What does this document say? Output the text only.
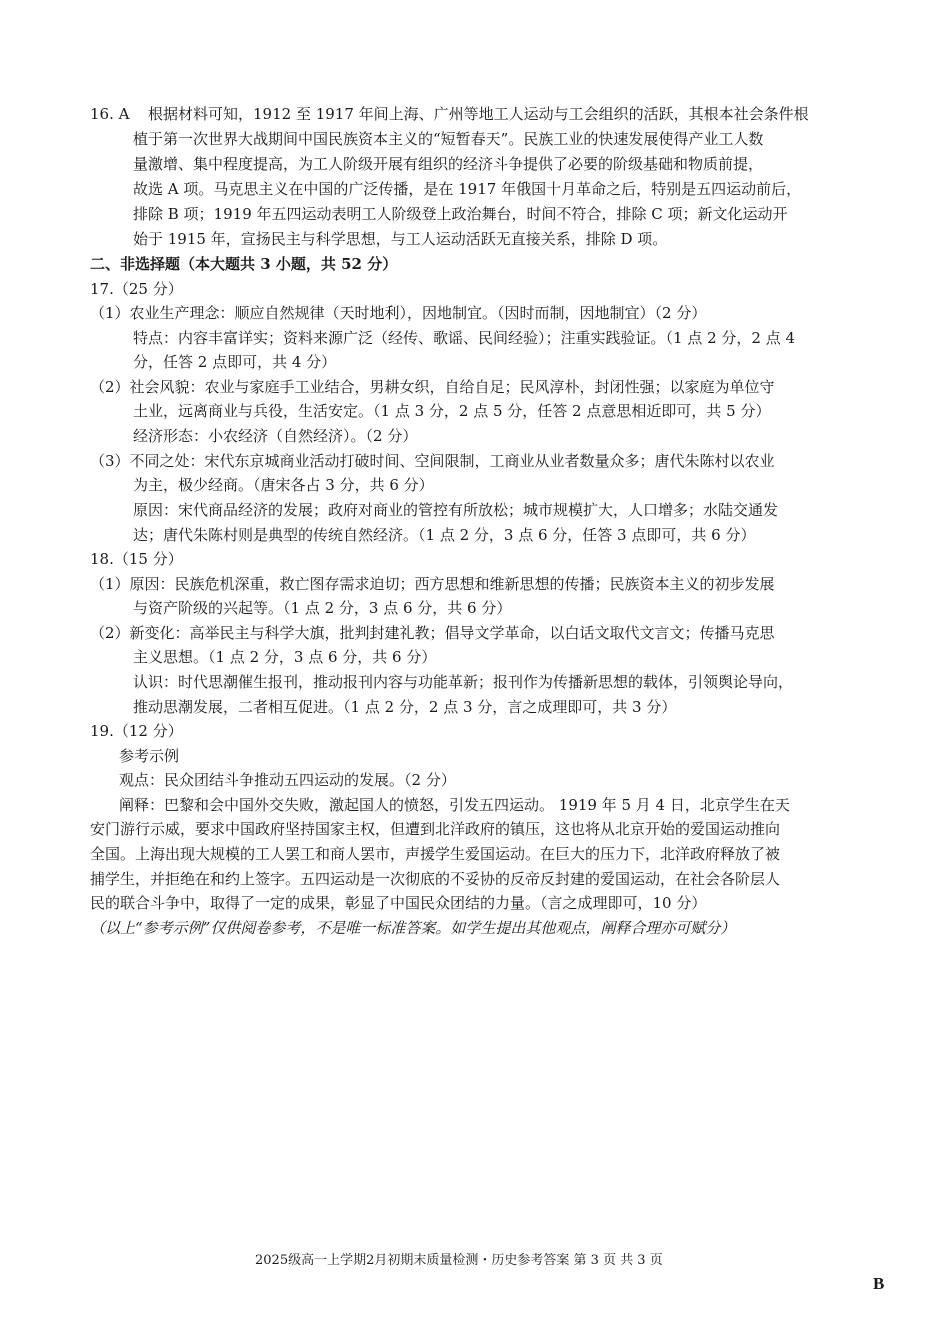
16. A 根据材料可知，1912 至 1917 年间上海、广州等地工人运动与工会组织的活跃，其根本社会条件根
植于第一次世界大战期间中国民族资本主义的“短暂春天”。民族工业的快速发展使得产业工人数
量激增、集中程度提高，为工人阶级开展有组织的经济斗争提供了必要的阶级基础和物质前提，
故选 A 项。马克思主义在中国的广泛传播，是在 1917 年俄国十月革命之后，特别是五四运动前后，
排除 B 项；1919 年五四运动表明工人阶级登上政治舞台，时间不符合，排除 C 项；新文化运动开
始于 1915 年，宣扬民主与科学思想，与工人运动活跃无直接关系，排除 D 项。
二、非选择题（本大题共 3 小题，共 52 分）
17.（25 分）
（1）农业生产理念：顺应自然规律（天时地利），因地制宜。（因时而制，因地制宜）（2 分）
特点：内容丰富详实；资料来源广泛（经传、歌谣、民间经验）；注重实践验证。（1 点 2 分，2 点 4
分，任答 2 点即可，共 4 分）
（2）社会风貌：农业与家庭手工业结合，男耕女织，自给自足；民风淳朴，封闭性强；以家庭为单位守
土业，远离商业与兵役，生活安定。（1 点 3 分，2 点 5 分，任答 2 点意思相近即可，共 5 分）
经济形态：小农经济（自然经济）。（2 分）
（3）不同之处：宋代东京城商业活动打破时间、空间限制，工商业从业者数量众多；唐代朱陈村以农业
为主，极少经商。（唐宋各占 3 分，共 6 分）
原因：宋代商品经济的发展；政府对商业的管控有所放松；城市规模扩大，人口增多；水陆交通发
达；唐代朱陈村则是典型的传统自然经济。（1 点 2 分，3 点 6 分，任答 3 点即可，共 6 分）
18.（15 分）
（1）原因：民族危机深重，救亡图存需求迫切；西方思想和维新思想的传播；民族资本主义的初步发展
与资产阶级的兴起等。（1 点 2 分，3 点 6 分，共 6 分）
（2）新变化：高举民主与科学大旗，批判封建礼教；倡导文学革命，以白话文取代文言文；传播马克思
主义思想。（1 点 2 分，3 点 6 分，共 6 分）
认识：时代思潮催生报刊，推动报刊内容与功能革新；报刊作为传播新思想的载体，引领舆论导向，
推动思潮发展，二者相互促进。（1 点 2 分，2 点 3 分，言之成理即可，共 3 分）
19.（12 分）
参考示例
观点：民众团结斗争推动五四运动的发展。（2 分）
阐释：巴黎和会中国外交失败，激起国人的愤怒，引发五四运动。 1919 年 5 月 4 日，北京学生在天
安门游行示威，要求中国政府坚持国家主权，但遭到北洋政府的镇压，这也将从北京开始的爱国运动推向
全国。上海出现大规模的工人罢工和商人罢市，声援学生爱国运动。在巨大的压力下，北洋政府释放了被
捕学生，并拒绝在和约上签字。五四运动是一次彻底的不妥协的反帝反封建的爱国运动，在社会各阶层人
民的联合斗争中，取得了一定的成果，彰显了中国民众团结的力量。（言之成理即可，10 分）
（以上“参考示例”仅供阅卷参考，不是唯一标准答案。如学生提出其他观点，阐释合理亦可赋分）
2025级高一上学期2月初期末质量检测・历史参考答案 第 3 页 共 3 页
B
